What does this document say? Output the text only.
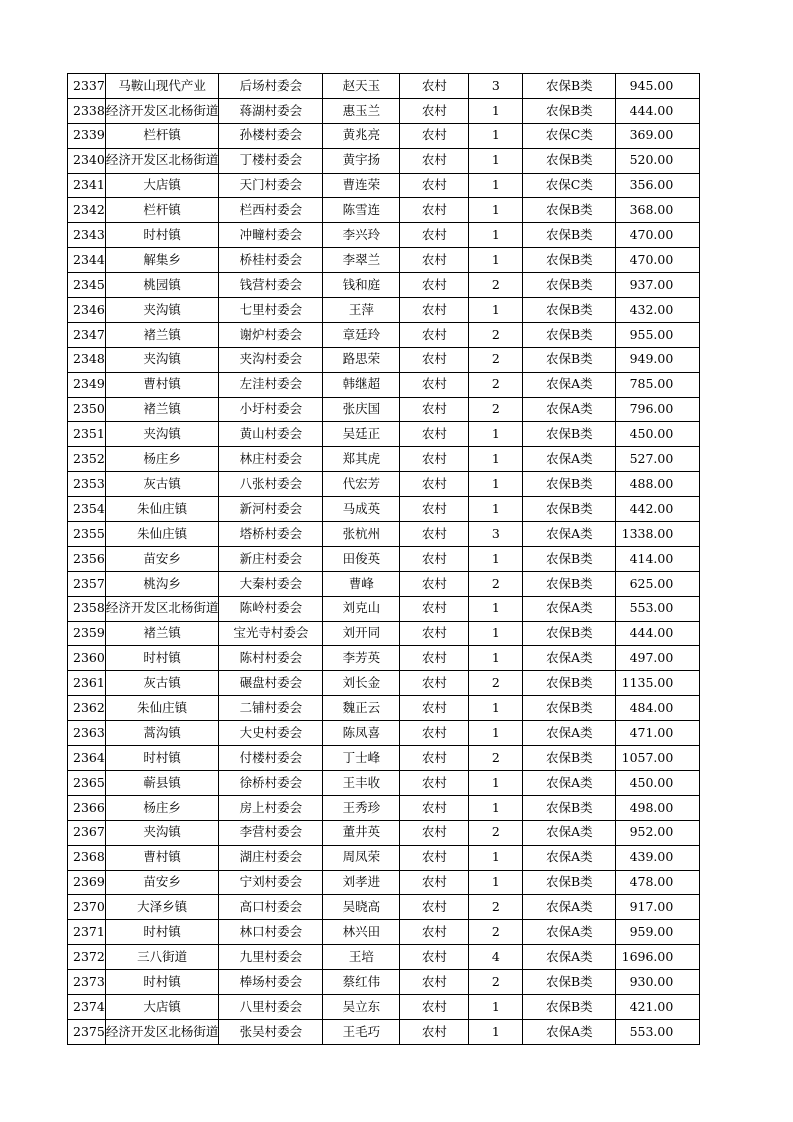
2337	马鞍山现代产业	后场村委会	赵天玉	农村	3	农保B类	945.00
2338	经济开发区北杨街道	蒋湖村委会	惠玉兰	农村	1	农保B类	444.00
2339	栏杆镇	孙楼村委会	黄兆亮	农村	1	农保C类	369.00
2340	经济开发区北杨街道	丁楼村委会	黄宇扬	农村	1	农保B类	520.00
2341	大店镇	天门村委会	曹连荣	农村	1	农保C类	356.00
2342	栏杆镇	栏西村委会	陈雪连	农村	1	农保B类	368.00
2343	时村镇	冲疃村委会	李兴玲	农村	1	农保B类	470.00
2344	解集乡	桥桂村委会	李翠兰	农村	1	农保B类	470.00
2345	桃园镇	钱营村委会	钱和庭	农村	2	农保B类	937.00
2346	夹沟镇	七里村委会	王萍	农村	1	农保B类	432.00
2347	褚兰镇	谢炉村委会	章廷玲	农村	2	农保B类	955.00
2348	夹沟镇	夹沟村委会	路思荣	农村	2	农保B类	949.00
2349	曹村镇	左洼村委会	韩继超	农村	2	农保A类	785.00
2350	褚兰镇	小圩村委会	张庆国	农村	2	农保A类	796.00
2351	夹沟镇	黄山村委会	吴廷正	农村	1	农保B类	450.00
2352	杨庄乡	林庄村委会	郑其虎	农村	1	农保A类	527.00
2353	灰古镇	八张村委会	代宏芳	农村	1	农保B类	488.00
2354	朱仙庄镇	新河村委会	马成英	农村	1	农保B类	442.00
2355	朱仙庄镇	塔桥村委会	张杭州	农村	3	农保A类	1338.00
2356	苗安乡	新庄村委会	田俊英	农村	1	农保B类	414.00
2357	桃沟乡	大秦村委会	曹峰	农村	2	农保B类	625.00
2358	经济开发区北杨街道	陈岭村委会	刘克山	农村	1	农保A类	553.00
2359	褚兰镇	宝光寺村委会	刘开同	农村	1	农保B类	444.00
2360	时村镇	陈村村委会	李芳英	农村	1	农保A类	497.00
2361	灰古镇	碾盘村委会	刘长金	农村	2	农保B类	1135.00
2362	朱仙庄镇	二铺村委会	魏正云	农村	1	农保B类	484.00
2363	蒿沟镇	大史村委会	陈凤喜	农村	1	农保A类	471.00
2364	时村镇	付楼村委会	丁士峰	农村	2	农保B类	1057.00
2365	蕲县镇	徐桥村委会	王丰收	农村	1	农保A类	450.00
2366	杨庄乡	房上村委会	王秀珍	农村	1	农保B类	498.00
2367	夹沟镇	李营村委会	董井英	农村	2	农保A类	952.00
2368	曹村镇	湖庄村委会	周凤荣	农村	1	农保A类	439.00
2369	苗安乡	宁刘村委会	刘孝进	农村	1	农保B类	478.00
2370	大泽乡镇	高口村委会	吴晓高	农村	2	农保A类	917.00
2371	时村镇	林口村委会	林兴田	农村	2	农保A类	959.00
2372	三八街道	九里村委会	王培	农村	4	农保A类	1696.00
2373	时村镇	棒场村委会	蔡红伟	农村	2	农保B类	930.00
2374	大店镇	八里村委会	吴立东	农村	1	农保B类	421.00
2375	经济开发区北杨街道	张吴村委会	王毛巧	农村	1	农保A类	553.00
